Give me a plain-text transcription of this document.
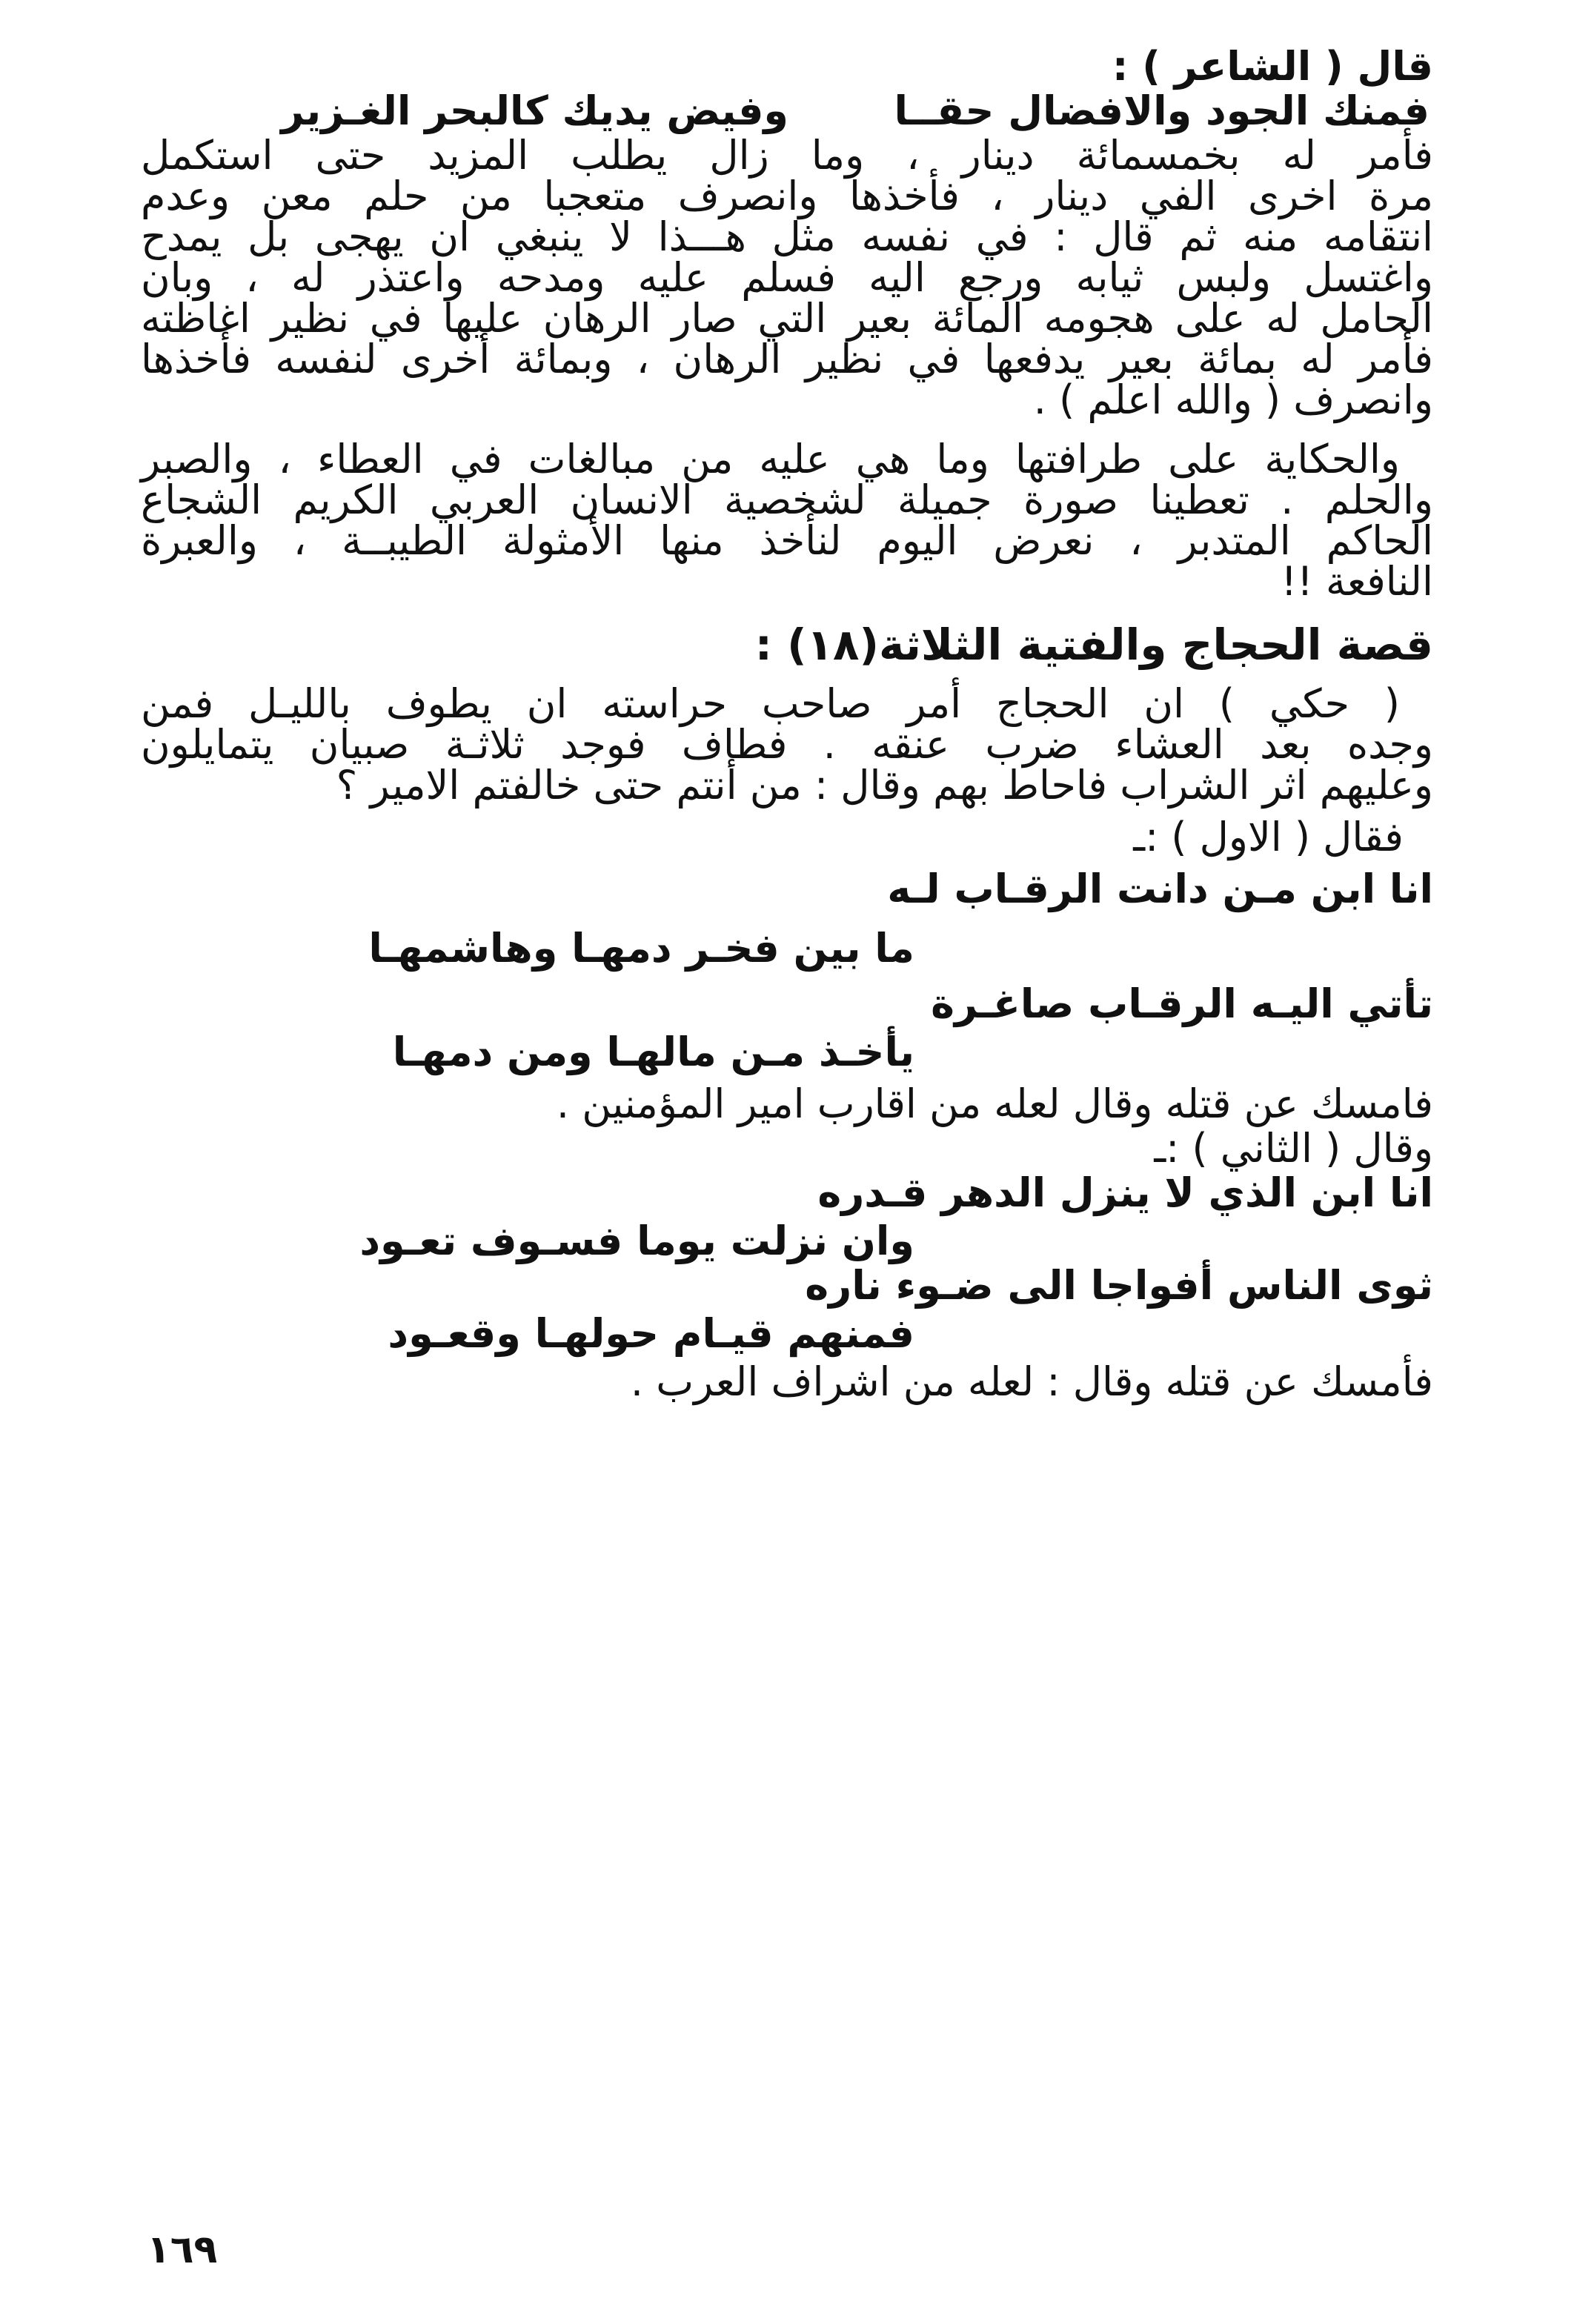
قال ( الشاعر ) :
فمنك الجود والافضال حقــا
وفيض يديك كالبحر الغـزير
فأمر له بخمسمائة دينار ، وما زال يطلب المزيد حتى استكمل
مرة اخرى الفي دينار ، فأخذها وانصرف متعجبا من حلم معن وعدم
انتقامه منه ثم قال : في نفسه مثل هـــذا لا ينبغي ان يهجى بل يمدح
واغتسل ولبس ثيابه ورجع اليه فسلم عليه ومدحه واعتذر له ، وبان
الحامل له على هجومه المائة بعير التي صار الرهان عليها في نظير اغاظته
فأمر له بمائة بعير يدفعها في نظير الرهان ، وبمائة أخرى لنفسه فأخذها
وانصرف ( والله اعلم ) .
والحكاية على طرافتها وما هي عليه من مبالغات في العطاء ، والصبر
والحلم . تعطينا صورة جميلة لشخصية الانسان العربي الكريم الشجاع
الحاكم المتدبر ، نعرض اليوم لنأخذ منها الأمثولة الطيبــة ، والعبرة
النافعة !!
قصة الحجاج والفتية الثلاثة(١٨) :
( حكي ) ان الحجاج أمر صاحب حراسته ان يطوف بالليـل فمن
وجده بعد العشاء ضرب عنقه . فطاف فوجد ثلاثـة صبيان يتمايلون
وعليهم اثر الشراب فاحاط بهم وقال : من أنتم حتى خالفتم الامير ؟
فقال ( الاول ) :ـ
انا ابن مـن دانت الرقـاب لـه
ما بين فخـر دمهـا وهاشمهـا
تأتي اليـه الرقـاب صاغـرة
يأخـذ مـن مالهـا ومن دمهـا
فامسك عن قتله وقال لعله من اقارب امير المؤمنين .
وقال ( الثاني ) :ـ
انا ابن الذي لا ينزل الدهر قـدره
وان نزلت يوما فسـوف تعـود
ثوى الناس أفواجا الى ضـوء ناره
فمنهم قيـام حولهـا وقعـود
فأمسك عن قتله وقال : لعله من اشراف العرب .
١٦٩
